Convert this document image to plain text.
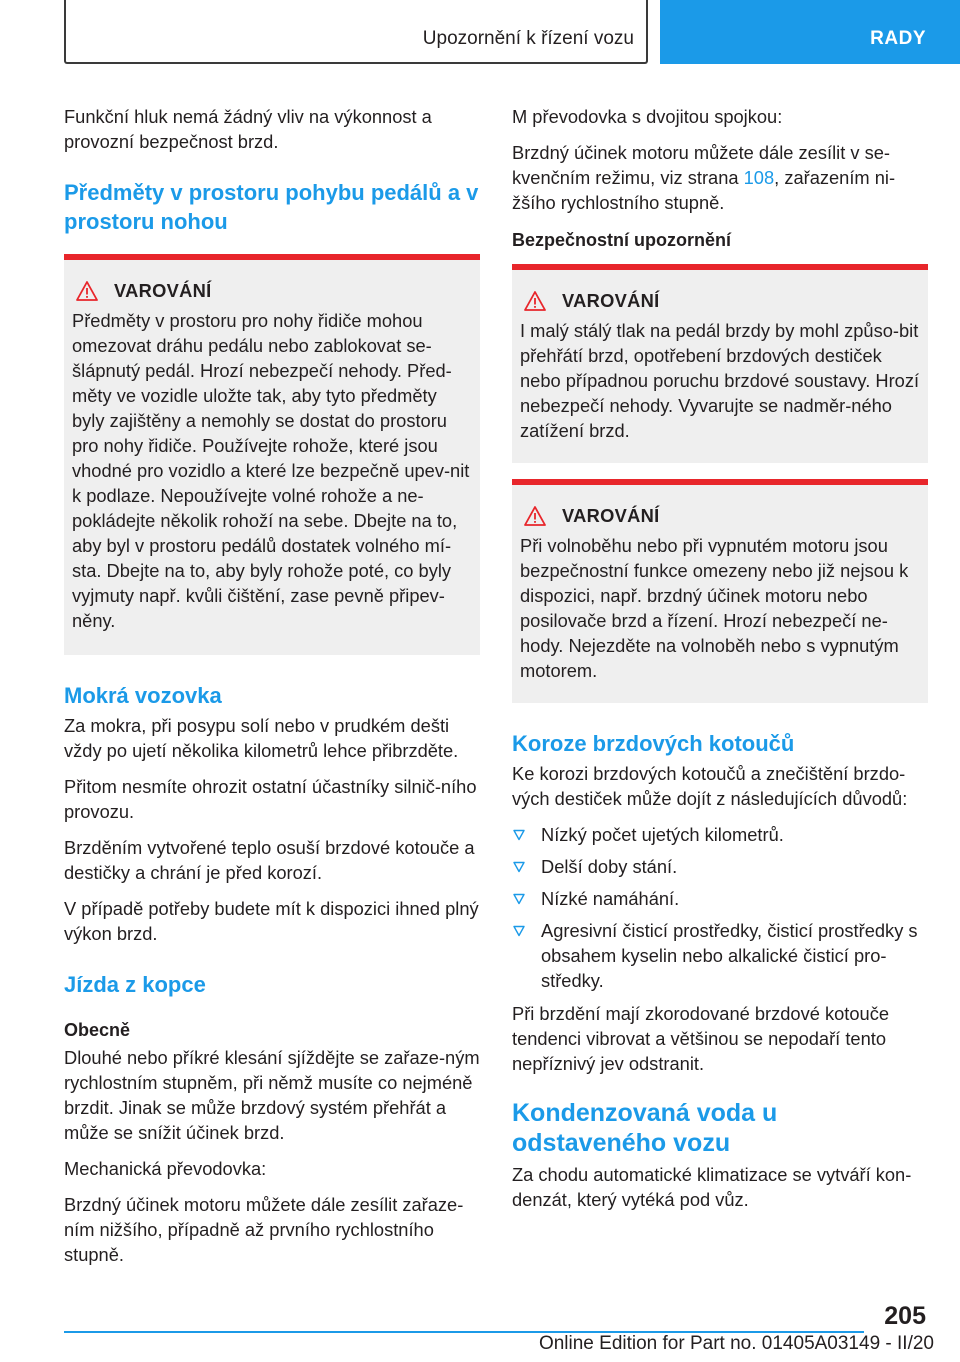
Upozornění k řízení vozu	RADY

Funkční hluk nemá žádný vliv na výkonnost a provozní bezpečnost brzd.

Předměty v prostoru pohybu pedálů a v prostoru nohou
VAROVÁNÍ

Předměty v prostoru pro nohy řidiče mohou omezovat dráhu pedálu nebo zablokovat se‐šlápnutý pedál. Hrozí nebezpečí nehody. Před‐měty ve vozidle uložte tak, aby tyto předměty byly zajištěny a nemohly se dostat do prostoru pro nohy řidiče. Používejte rohože, které jsou vhodné pro vozidlo a které lze bezpečně upev‐nit k podlaze. Nepoužívejte volné rohože a ne‐pokládejte několik rohoží na sebe. Dbejte na to, aby byl v prostoru pedálů dostatek volného mí‐sta. Dbejte na to, aby byly rohože poté, co byly vyjmuty např. kvůli čištění, zase pevně připev‐něny.

Mokrá vozovka

Za mokra, při posypu solí nebo v prudkém dešti vždy po ujetí několika kilometrů lehce přibrzděte.

Přitom nesmíte ohrozit ostatní účastníky silnič‐ního provozu.

Brzděním vytvořené teplo osuší brzdové kotouče a destičky a chrání je před korozí.

V případě potřeby budete mít k dispozici ihned plný výkon brzd.

Jízda z kopce
Obecně

Dlouhé nebo příkré klesání sjíždějte se zařaze‐ným rychlostním stupněm, při němž musíte co nejméně brzdit. Jinak se může brzdový systém přehřát a může se snížit účinek brzd.

Mechanická převodovka:

Brzdný účinek motoru můžete dále zesílit zařaze‐ním nižšího, případně až prvního rychlostního stupně.

M převodovka s dvojitou spojkou:

Brzdný účinek motoru můžete dále zesílit v se‐kvenčním režimu, viz strana 108, zařazením ni‐žšího rychlostního stupně.

Bezpečnostní upozornění
VAROVÁNÍ

I malý stálý tlak na pedál brzdy by mohl způso‐bit přehřátí brzd, opotřebení brzdových destiček nebo případnou poruchu brzdové soustavy. Hrozí nebezpečí nehody. Vyvarujte se nadměr‐ného zatížení brzd.

VAROVÁNÍ

Při volnoběhu nebo při vypnutém motoru jsou bezpečnostní funkce omezeny nebo již nejsou k dispozici, např. brzdný účinek motoru nebo posilovače brzd a řízení. Hrozí nebezpečí ne‐hody. Nejezděte na volnoběh nebo s vypnutým motorem.

Koroze brzdových kotoučů

Ke korozi brzdových kotoučů a znečištění brzdo‐vých destiček může dojít z následujících důvodů:

Nízký počet ujetých kilometrů.
Delší doby stání.
Nízké namáhání.
Agresivní čisticí prostředky, čisticí prostředky s obsahem kyselin nebo alkalické čisticí pro‐středky.

Při brzdění mají zkorodované brzdové kotouče tendenci vibrovat a většinou se nepodaří tento nepříznivý jev odstranit.

Kondenzovaná voda u odstaveného vozu

Za chodu automatické klimatizace se vytváří kon‐denzát, který vytéká pod vůz.

205
Online Edition for Part no. 01405A03149 - II/20
